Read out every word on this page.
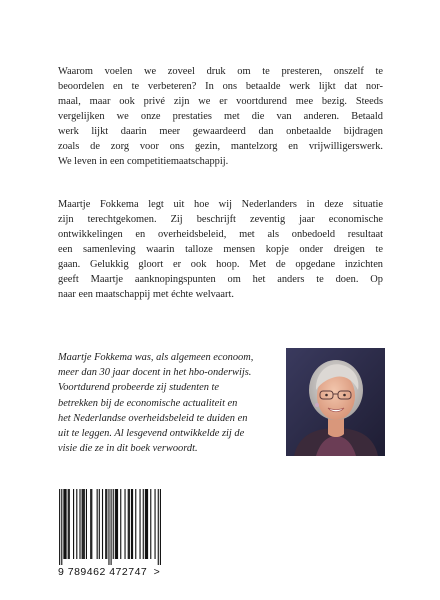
Waarom voelen we zoveel druk om te presteren, onszelf te
beoordelen en te verbeteren? In ons betaalde werk lijkt dat nor-
maal, maar ook privé zijn we er voortdurend mee bezig. Steeds
vergelijken we onze prestaties met die van anderen. Betaald
werk lijkt daarin meer gewaardeerd dan onbetaalde bijdragen
zoals de zorg voor ons gezin, mantelzorg en vrijwilligerswerk.
We leven in een competitiemaatschappij.

Maartje Fokkema legt uit hoe wij Nederlanders in deze situatie
zijn terechtgekomen. Zij beschrijft zeventig jaar economische
ontwikkelingen en overheidsbeleid, met als onbedoeld resultaat
een samenleving waarin talloze mensen kopje onder dreigen te
gaan. Gelukkig gloort er ook hoop. Met de opgedane inzichten
geeft Maartje aanknopingspunten om het anders te doen. Op
naar een maatschappij met échte welvaart.

Maartje Fokkema was, als algemeen econoom,
meer dan 30 jaar docent in het hbo-onderwijs.
Voortdurend probeerde zij studenten te
betrekken bij de economische actualiteit en
het Nederlandse overheidsbeleid te duiden en
uit te leggen. Al lesgevend ontwikkelde zij de
visie die ze in dit boek verwoordt.

9 789462 472747 >
